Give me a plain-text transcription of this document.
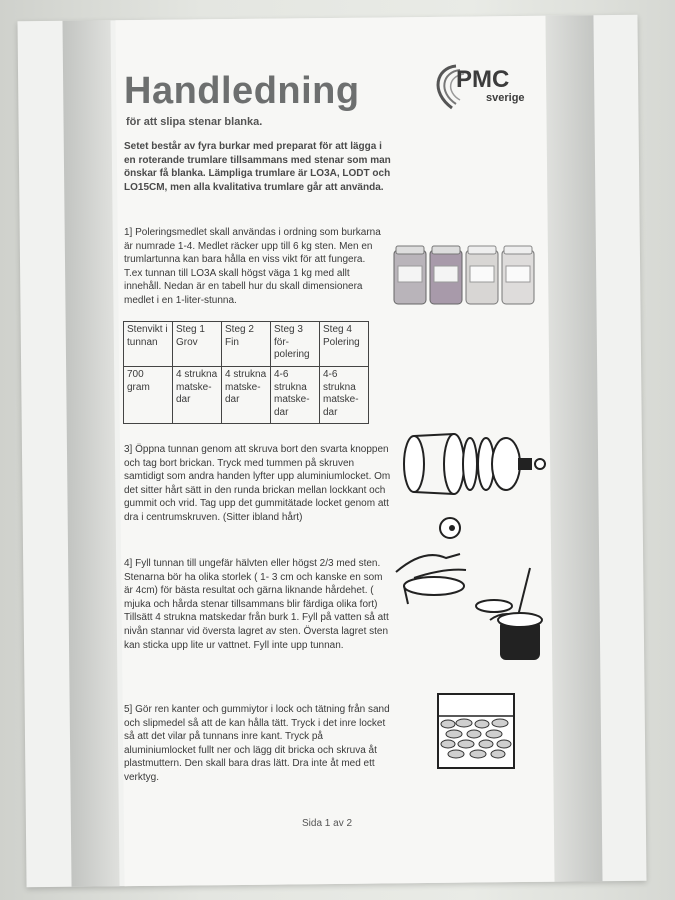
Handledning
för att slipa stenar blanka.
PMC
sverige

Setet består av fyra burkar med preparat för att lägga i en roterande trumlare tillsammans med stenar som man önskar få blanka. Lämpliga trumlare är LO3A, LODT och LO15CM, men alla kvalitativa trumlare går att använda.

1] Poleringsmedlet skall användas i ordning som burkarna är numrade 1-4. Medlet räcker upp till 6 kg sten. Men en trumlartunna kan bara hålla en viss vikt för att fungera. T.ex tunnan till LO3A skall högst väga 1 kg med allt innehåll. Nedan är en tabell hur du skall dimensionera medlet i en 1-liter-stunna.

Stenvikt i tunnan	Steg 1 Grov	Steg 2 Fin	Steg 3 för-polering	Steg 4 Polering
700 gram	4 strukna matske-dar	4 strukna matske-dar	4-6 strukna matske-dar	4-6 strukna matske-dar

3] Öppna tunnan genom att skruva bort den svarta knoppen och tag bort brickan. Tryck med tummen på skruven samtidigt som andra handen lyfter upp aluminiumlocket. Om det sitter hårt sätt in den runda brickan mellan lockkant och gummit och vrid. Tag upp det gummitätade locket genom att dra i centrumskruven. (Sitter ibland hårt)

4] Fyll tunnan till ungefär hälvten eller högst 2/3 med sten. Stenarna bör ha olika storlek ( 1- 3 cm och kanske en som är 4cm) för bästa resultat och gärna liknande hårdehet. ( mjuka och hårda stenar tillsammans blir färdiga olika fort) Tillsätt 4 strukna matskedar från burk 1. Fyll på vatten så att nivån stannar vid översta lagret av sten. Översta lagret sten kan sticka upp lite ur vattnet. Fyll inte upp tunnan.

5] Gör ren kanter och gummiytor i lock och tätning från sand och slipmedel så att de kan hålla tätt. Tryck i det inre locket så att det vilar på tunnans inre kant. Tryck på aluminiumlocket fullt ner och lägg dit bricka och skruva åt plastmuttern. Den skall bara dras lätt. Dra inte åt med ett verktyg.

Sida 1 av 2
